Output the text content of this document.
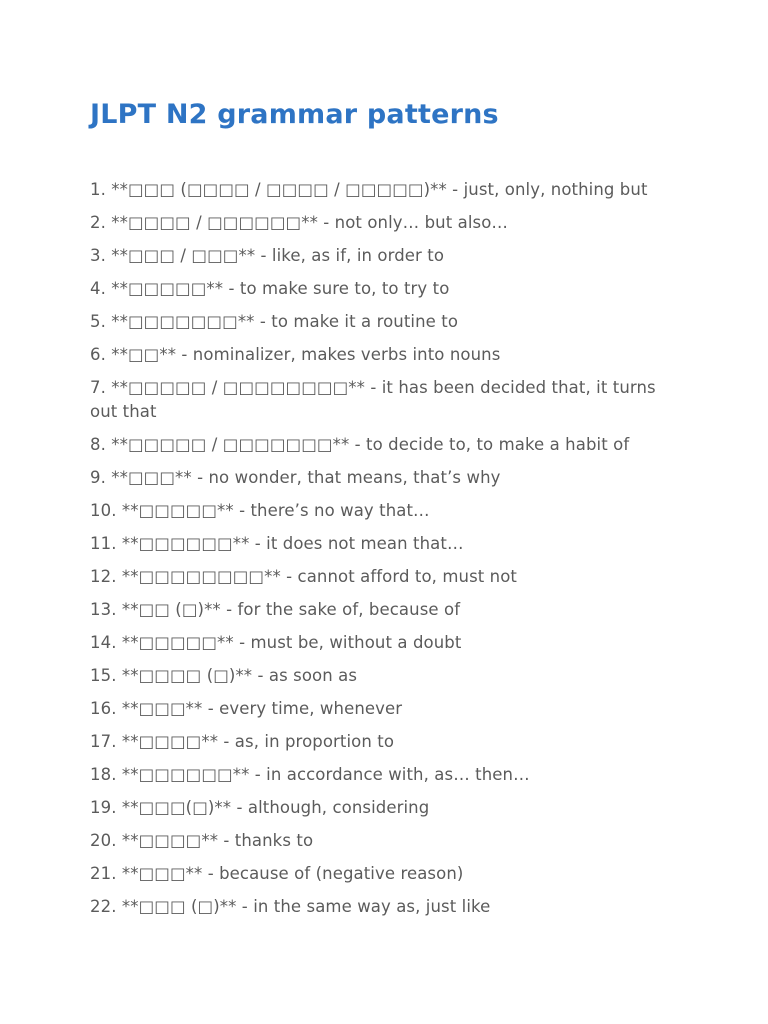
JLPT N2 grammar patterns
1. **□□□ (□□□□ / □□□□ / □□□□□)** - just, only, nothing but
2. **□□□□ / □□□□□□** - not only… but also…
3. **□□□ / □□□** - like, as if, in order to
4. **□□□□□** - to make sure to, to try to
5. **□□□□□□□** - to make it a routine to
6. **□□** - nominalizer, makes verbs into nouns
7. **□□□□□ / □□□□□□□□** - it has been decided that, it turns out that
8. **□□□□□ / □□□□□□□** - to decide to, to make a habit of
9. **□□□** - no wonder, that means, that’s why
10. **□□□□□** - there’s no way that…
11. **□□□□□□** - it does not mean that…
12. **□□□□□□□□** - cannot afford to, must not
13. **□□ (□)** - for the sake of, because of
14. **□□□□□** - must be, without a doubt
15. **□□□□ (□)** - as soon as
16. **□□□** - every time, whenever
17. **□□□□** - as, in proportion to
18. **□□□□□□** - in accordance with, as… then…
19. **□□□(□)** - although, considering
20. **□□□□** - thanks to
21. **□□□** - because of (negative reason)
22. **□□□ (□)** - in the same way as, just like
